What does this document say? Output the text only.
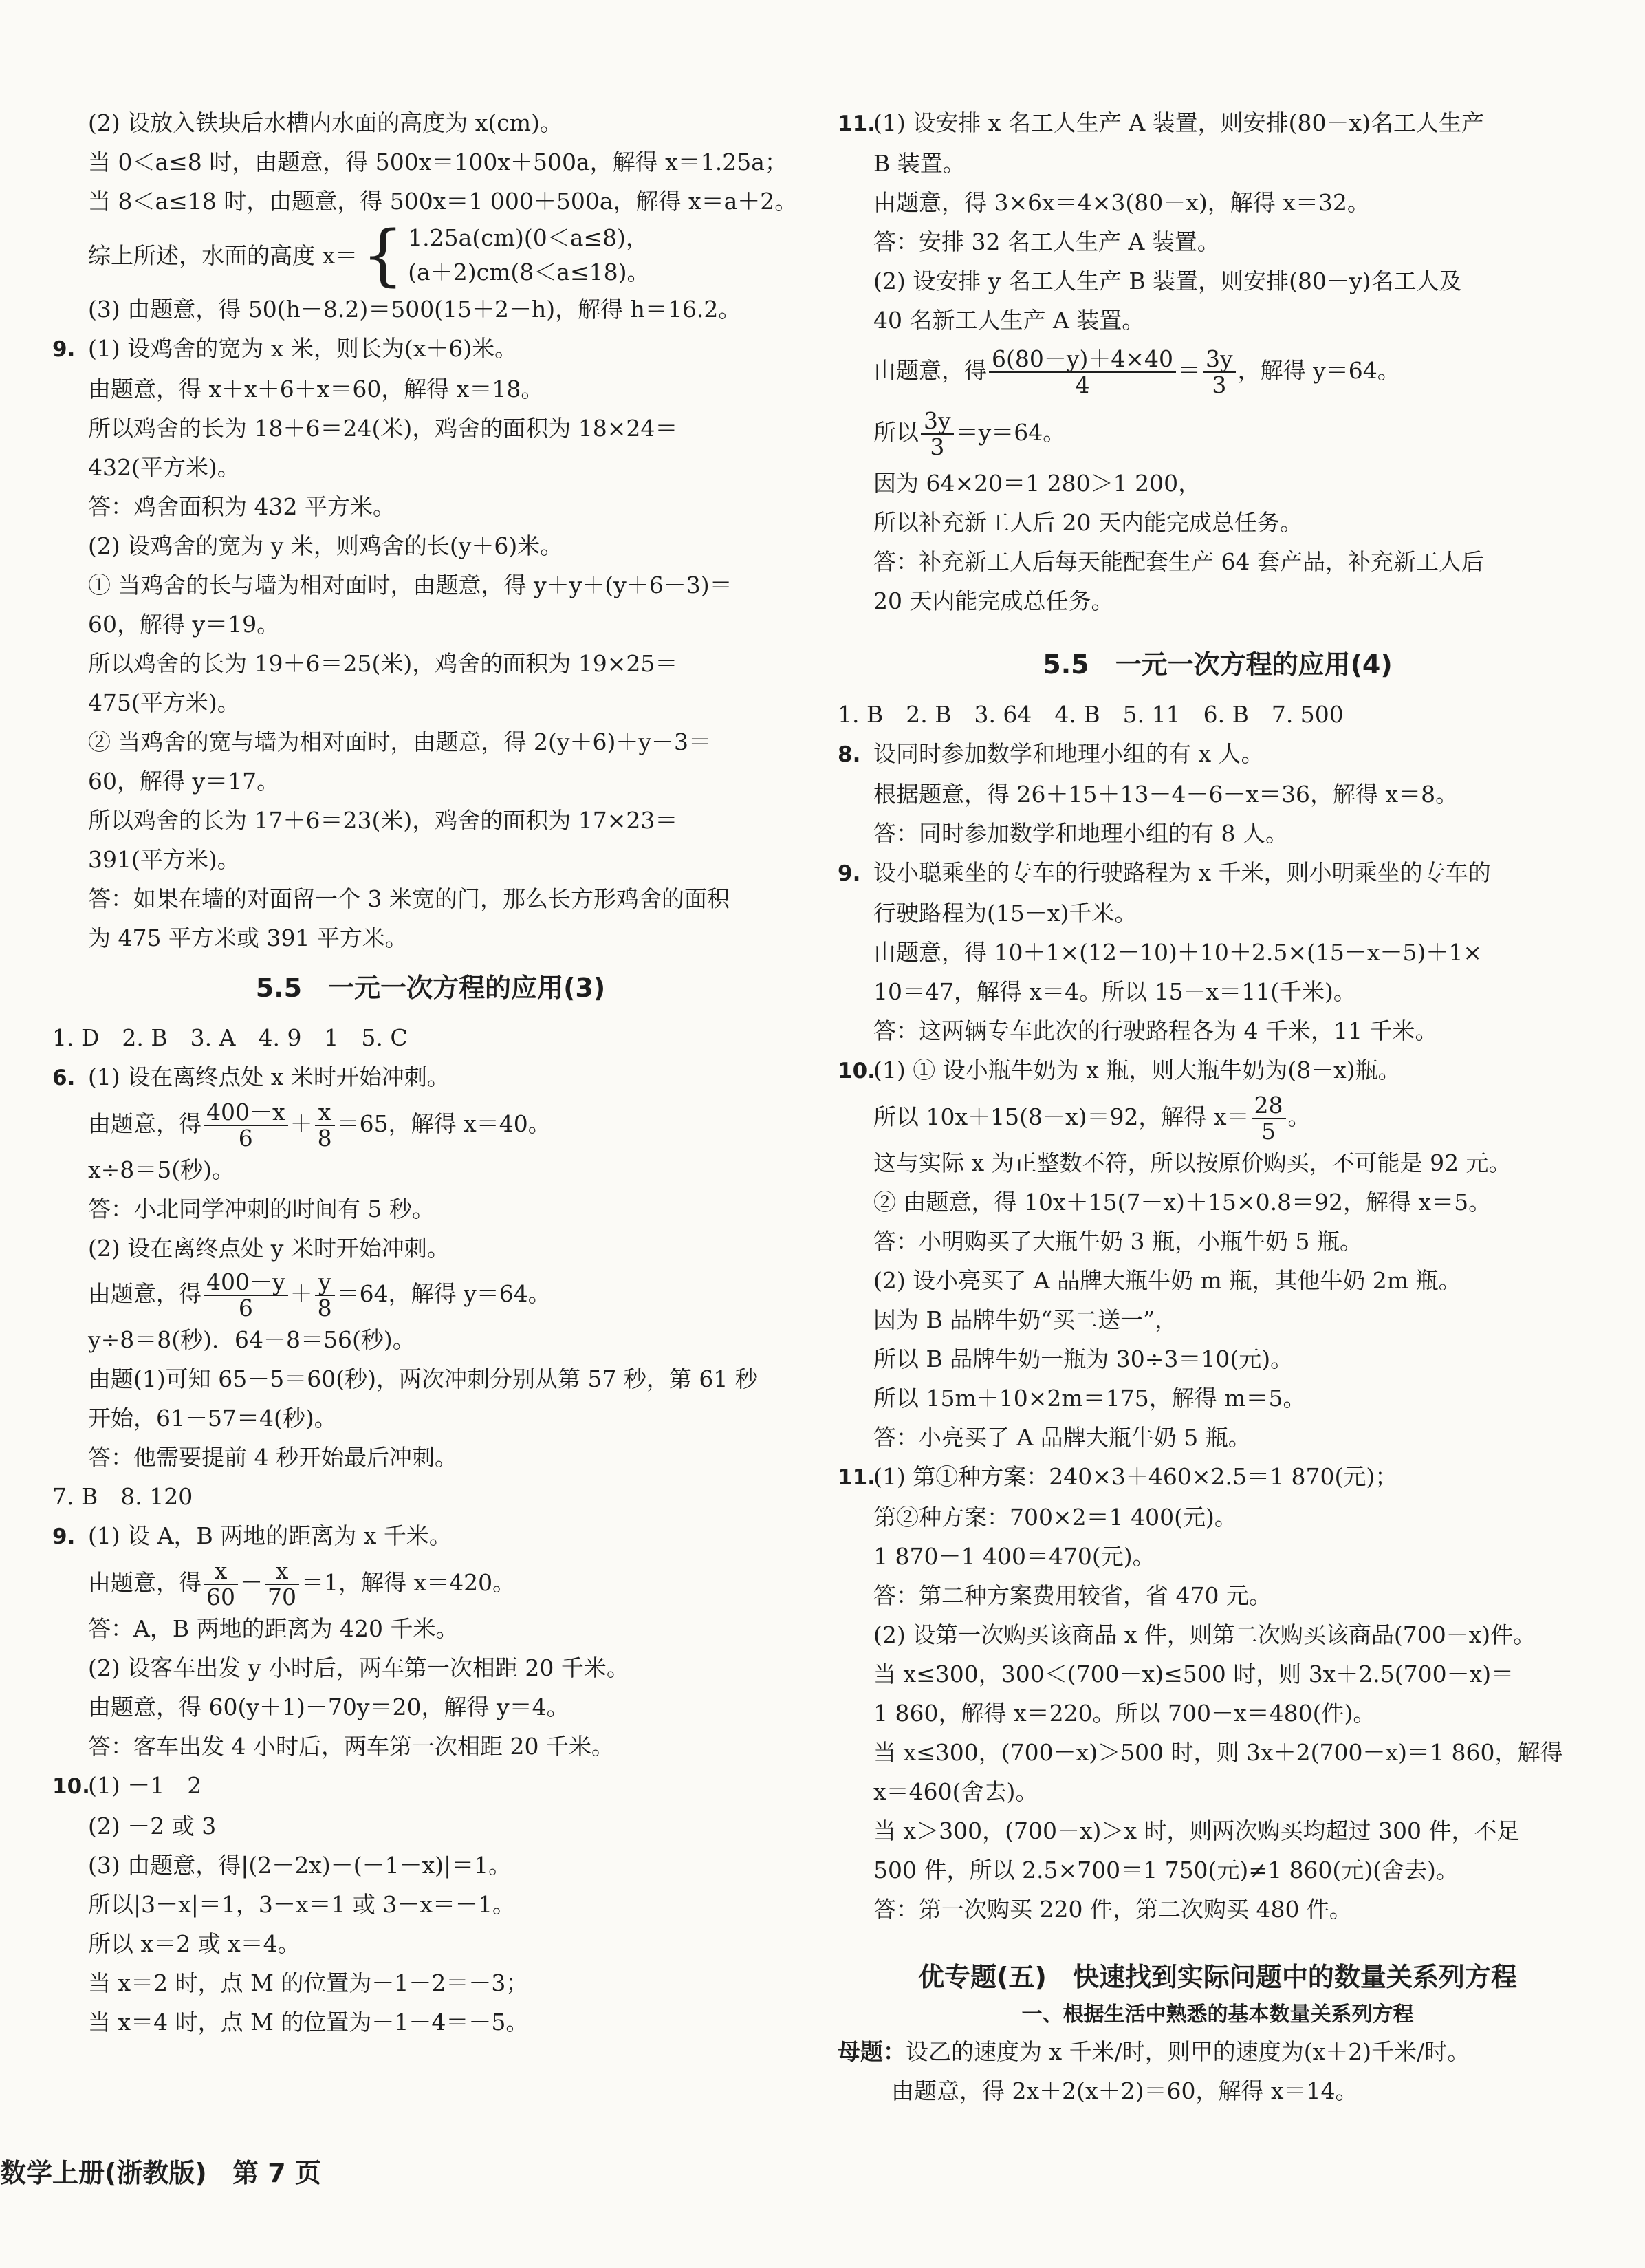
(2) 设放入铁块后水槽内水面的高度为 x(cm)。
当 0＜a≤8 时，由题意，得 500x＝100x＋500a，解得 x＝1.25a；
当 8＜a≤18 时，由题意，得 500x＝1 000＋500a，解得 x＝a＋2。
综上所述，水面的高度 x＝ { 1.25a(cm)(0＜a≤8)，
(a＋2)cm(8＜a≤18)。
(3) 由题意，得 50(h－8.2)＝500(15＋2－h)，解得 h＝16.2。
9. (1) 设鸡舍的宽为 x 米，则长为(x＋6)米。
由题意，得 x＋x＋6＋x＝60，解得 x＝18。
所以鸡舍的长为 18＋6＝24(米)，鸡舍的面积为 18×24＝
432(平方米)。
答：鸡舍面积为 432 平方米。
(2) 设鸡舍的宽为 y 米，则鸡舍的长(y＋6)米。
① 当鸡舍的长与墙为相对面时，由题意，得 y＋y＋(y＋6－3)＝
60，解得 y＝19。
所以鸡舍的长为 19＋6＝25(米)，鸡舍的面积为 19×25＝
475(平方米)。
② 当鸡舍的宽与墙为相对面时，由题意，得 2(y＋6)＋y－3＝
60，解得 y＝17。
所以鸡舍的长为 17＋6＝23(米)，鸡舍的面积为 17×23＝
391(平方米)。
答：如果在墙的对面留一个 3 米宽的门，那么长方形鸡舍的面积
为 475 平方米或 391 平方米。
5.5　一元一次方程的应用(3)
1. D　2. B　3. A　4. 9　1　5. C
6. (1) 设在离终点处 x 米时开始冲刺。
由题意，得 $\frac{400-x}{6} + \frac{x}{8} =65$，解得 x＝40。
x÷8＝5(秒)。
答：小北同学冲刺的时间有 5 秒。
(2) 设在离终点处 y 米时开始冲刺。
由题意，得 $\frac{400-y}{6} + \frac{y}{8} =64$，解得 y＝64。
y÷8＝8(秒)．64－8＝56(秒)。
由题(1)可知 65－5＝60(秒)，两次冲刺分别从第 57 秒，第 61 秒
开始，61－57＝4(秒)。
答：他需要提前 4 秒开始最后冲刺。
7. B　8. 120
9. (1) 设 A，B 两地的距离为 x 千米。
由题意，得 $\frac{x}{60} - \frac{x}{70} =1$，解得 x＝420。
答：A，B 两地的距离为 420 千米。
(2) 设客车出发 y 小时后，两车第一次相距 20 千米。
由题意，得 60(y＋1)－70y＝20，解得 y＝4。
答：客车出发 4 小时后，两车第一次相距 20 千米。
10.(1) －1　2
(2) －2 或 3
(3) 由题意，得|(2－2x)－(－1－x)|＝1。
所以|3－x|＝1，3－x＝1 或 3－x＝－1。
所以 x＝2 或 x＝4。
当 x＝2 时，点 M 的位置为－1－2＝－3；
当 x＝4 时，点 M 的位置为－1－4＝－5。
11.(1) 设安排 x 名工人生产 A 装置，则安排(80－x)名工人生产
B 装置。
由题意，得 3×6x＝4×3(80－x)，解得 x＝32。
答：安排 32 名工人生产 A 装置。
(2) 设安排 y 名工人生产 B 装置，则安排(80－y)名工人及
40 名新工人生产 A 装置。
由题意，得 $\frac{6(80-y)+4\times 40}{4} = \frac{3y}{3}$ ，解得 y＝64。
所以 $\frac{3y}{3} =y=64$。
因为 64×20＝1 280＞1 200，
所以补充新工人后 20 天内能完成总任务。
答：补充新工人后每天能配套生产 64 套产品，补充新工人后
20 天内能完成总任务。
5.5　一元一次方程的应用(4)
1. B　2. B　3. 64　4. B　5. 11　6. B　7. 500
8. 设同时参加数学和地理小组的有 x 人。
根据题意，得 26＋15＋13－4－6－x＝36，解得 x＝8。
答：同时参加数学和地理小组的有 8 人。
9. 设小聪乘坐的专车的行驶路程为 x 千米，则小明乘坐的专车的
行驶路程为(15－x)千米。
由题意，得 10＋1×(12－10)＋10＋2.5×(15－x－5)＋1×
10＝47，解得 x＝4。所以 15－x＝11(千米)。
答：这两辆专车此次的行驶路程各为 4 千米，11 千米。
10.(1) ① 设小瓶牛奶为 x 瓶，则大瓶牛奶为(8－x)瓶。
所以 10x＋15(8－x)＝92，解得 $x= \frac{28}{5}$ 。
这与实际 x 为正整数不符，所以按原价购买，不可能是 92 元。
② 由题意，得 10x＋15(7－x)＋15×0.8＝92，解得 x＝5。
答：小明购买了大瓶牛奶 3 瓶，小瓶牛奶 5 瓶。
(2) 设小亮买了 A 品牌大瓶牛奶 m 瓶，其他牛奶 2m 瓶。
因为 B 品牌牛奶“买二送一”，
所以 B 品牌牛奶一瓶为 30÷3＝10(元)。
所以 15m＋10×2m＝175，解得 m＝5。
答：小亮买了 A 品牌大瓶牛奶 5 瓶。
11.(1) 第①种方案：240×3＋460×2.5＝1 870(元)；
第②种方案：700×2＝1 400(元)。
1 870－1 400＝470(元)。
答：第二种方案费用较省，省 470 元。
(2) 设第一次购买该商品 x 件，则第二次购买该商品(700－x)件。
当 x≤300，300＜(700－x)≤500 时，则 3x＋2.5(700－x)＝
1 860，解得 x＝220。所以 700－x＝480(件)。
当 x≤300，(700－x)＞500 时，则 3x＋2(700－x)＝1 860，解得
x＝460(舍去)。
当 x＞300，(700－x)＞x 时，则两次购买均超过 300 件，不足
500 件，所以 2.5×700＝1 750(元)≠1 860(元)(舍去)。
答：第一次购买 220 件，第二次购买 480 件。
优专题(五)　快速找到实际问题中的数量关系列方程
一、根据生活中熟悉的基本数量关系列方程
母题：设乙的速度为 x 千米/时，则甲的速度为(x＋2)千米/时。
由题意，得 2x＋2(x＋2)＝60，解得 x＝14。
数学上册(浙教版) 第 7 页
